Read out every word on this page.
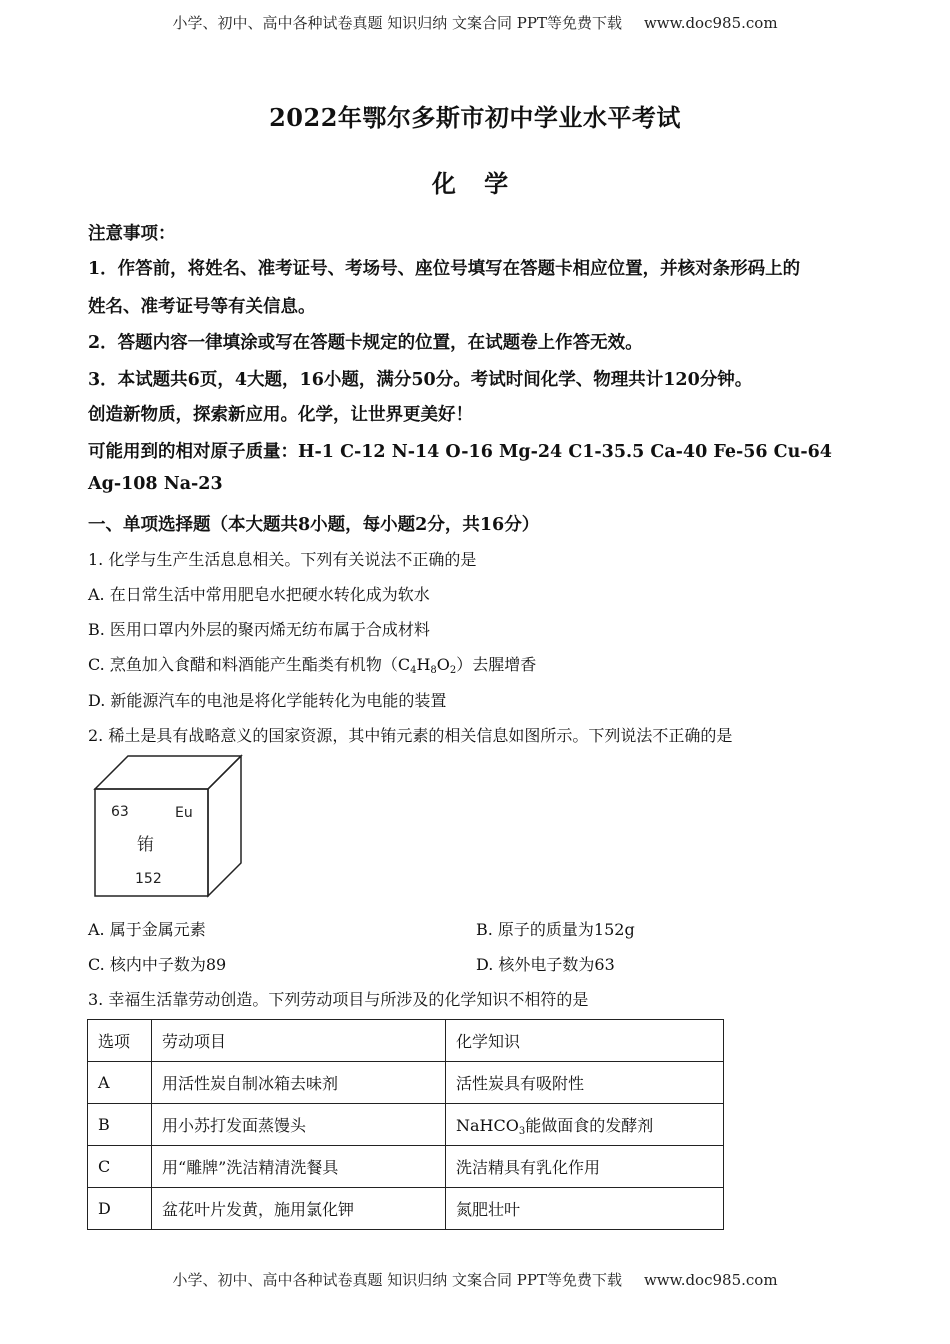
小学、初中、高中各种试卷真题 知识归纳 文案合同 PPT等免费下载 www.doc985.com
2022年鄂尔多斯市初中学业水平考试
化 学
注意事项：
1．作答前，将姓名、准考证号、考场号、座位号填写在答题卡相应位置，并核对条形码上的
姓名、准考证号等有关信息。
2．答题内容一律填涂或写在答题卡规定的位置，在试题卷上作答无效。
3．本试题共6页，4大题，16小题，满分50分。考试时间化学、物理共计120分钟。
创造新物质，探索新应用。化学，让世界更美好！
可能用到的相对原子质量：H-1 C-12 N-14 O-16 Mg-24 C1-35.5 Ca-40 Fe-56 Cu-64
Ag-108 Na-23
一、单项选择题（本大题共8小题，每小题2分，共16分）
1. 化学与生产生活息息相关。下列有关说法不正确的是
A. 在日常生活中常用肥皂水把硬水转化成为软水
B. 医用口罩内外层的聚丙烯无纺布属于合成材料
C. 烹鱼加入食醋和料酒能产生酯类有机物$(C_4H_8O_2)$去腥增香
D. 新能源汽车的电池是将化学能转化为电能的装置
2. 稀土是具有战略意义的国家资源，其中铕元素的相关信息如图所示。下列说法不正确的是
63	Eu
铕
152
A. 属于金属元素	B. 原子的质量为152g
C. 核内中子数为89	D. 核外电子数为63
3. 幸福生活靠劳动创造。下列劳动项目与所涉及的化学知识不相符的是
选项	劳动项目	化学知识
A	用活性炭自制冰箱去味剂	活性炭具有吸附性
B	用小苏打发面蒸馒头	NaHCO$_3$能做面食的发酵剂
C	用“雕牌”洗洁精清洗餐具	洗洁精具有乳化作用
D	盆花叶片发黄，施用氯化钾	氮肥壮叶
小学、初中、高中各种试卷真题 知识归纳 文案合同 PPT等免费下载 www.doc985.com
